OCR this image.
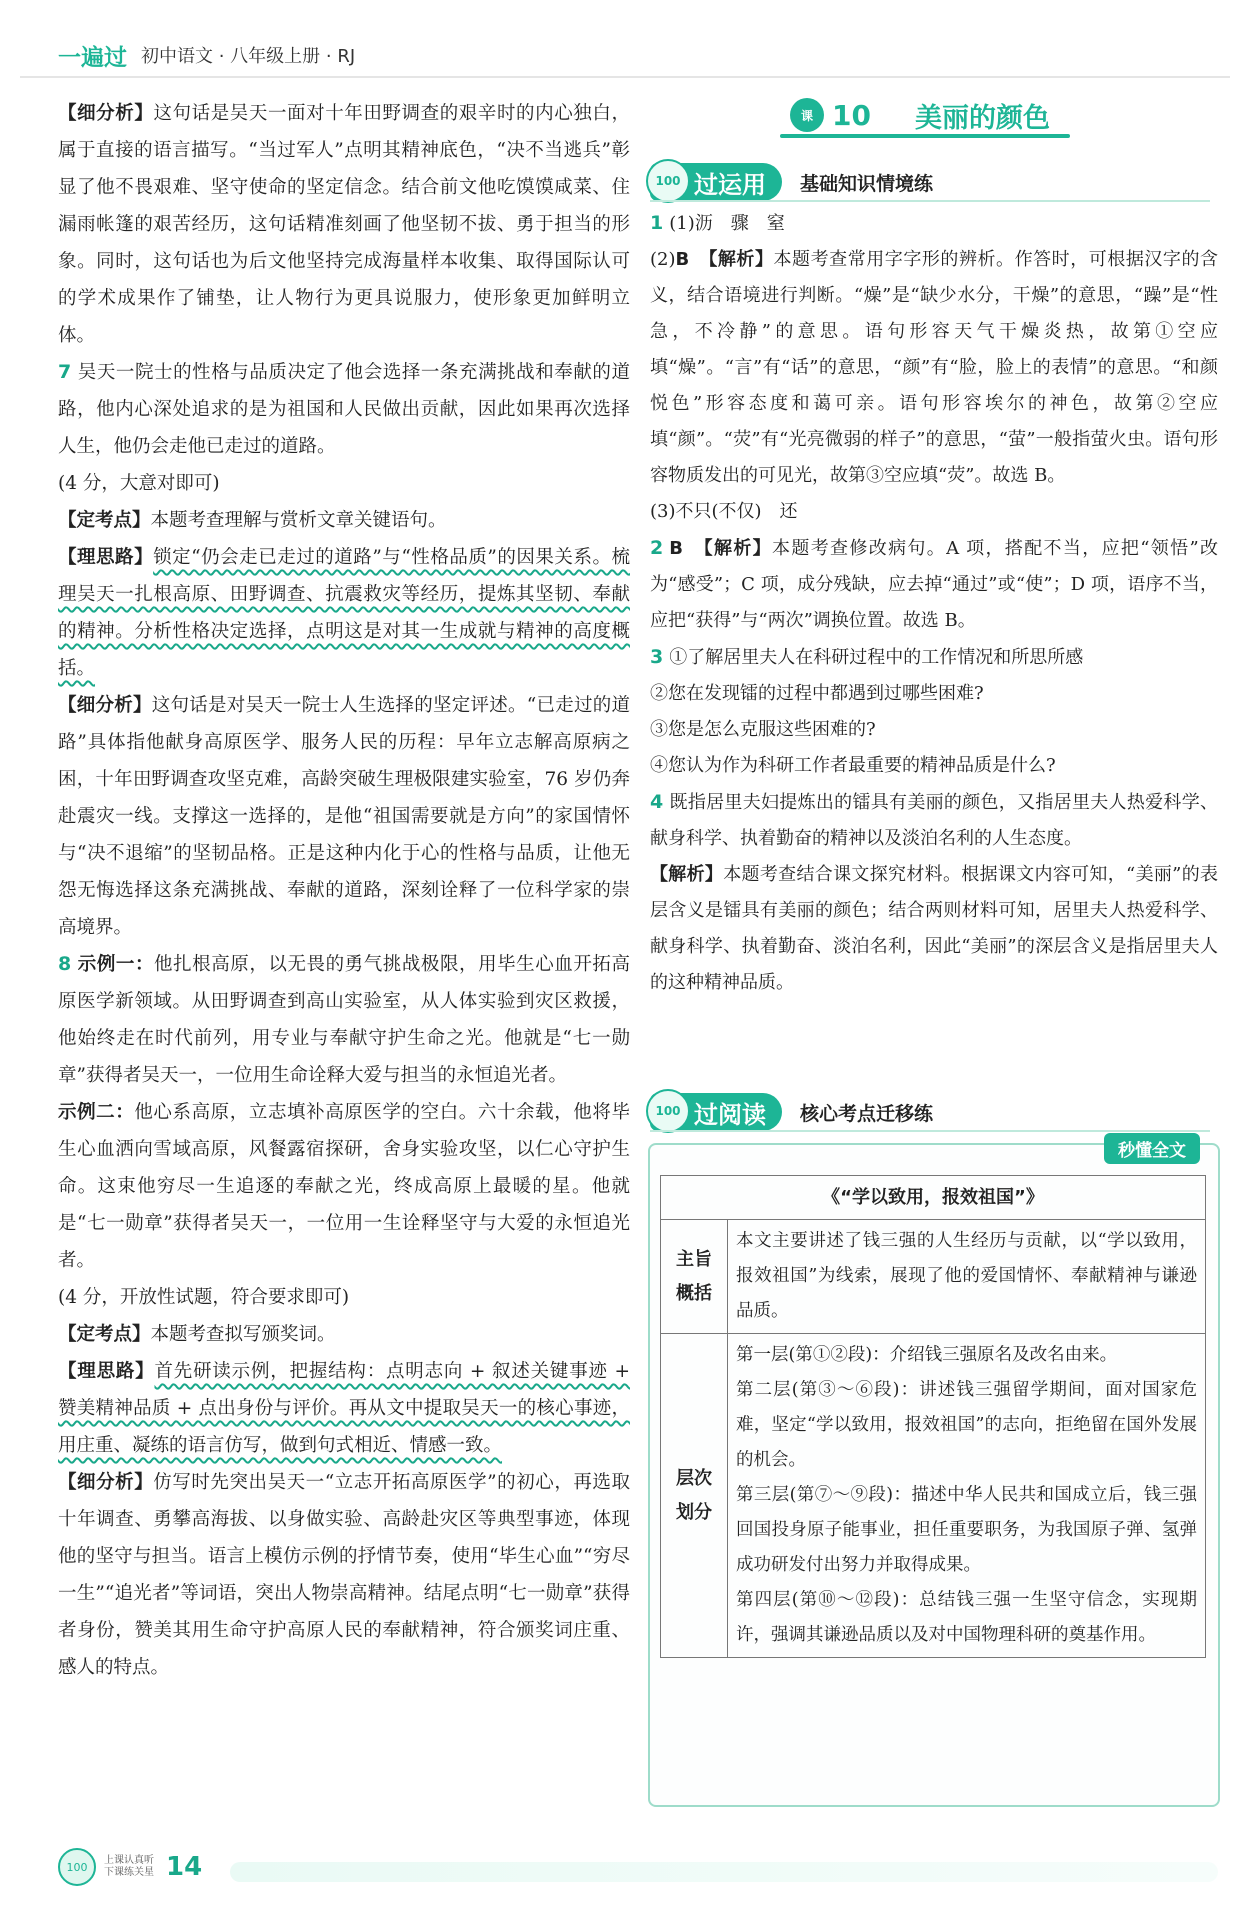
一遍过 初中语文 · 八年级上册 · RJ

【细分析】这句话是吴天一面对十年田野调查的艰辛时的内心独白，属于直接的语言描写。“当过军人”点明其精神底色，“决不当逃兵”彰显了他不畏艰难、坚守使命的坚定信念。结合前文他吃馍馍咸菜、住漏雨帐篷的艰苦经历，这句话精准刻画了他坚韧不拔、勇于担当的形象。同时，这句话也为后文他坚持完成海量样本收集、取得国际认可的学术成果作了铺垫，让人物行为更具说服力，使形象更加鲜明立体。

7 吴天一院士的性格与品质决定了他会选择一条充满挑战和奉献的道路，他内心深处追求的是为祖国和人民做出贡献，因此如果再次选择人生，他仍会走他已走过的道路。
(4 分，大意对即可)

【定考点】本题考查理解与赏析文章关键语句。

【理思路】锁定“仍会走已走过的道路”与“性格品质”的因果关系。梳理吴天一扎根高原、田野调查、抗震救灾等经历，提炼其坚韧、奉献的精神。分析性格决定选择，点明这是对其一生成就与精神的高度概括。

【细分析】这句话是对吴天一院士人生选择的坚定评述。“已走过的道路”具体指他献身高原医学、服务人民的历程：早年立志解高原病之困，十年田野调查攻坚克难，高龄突破生理极限建实验室，76 岁仍奔赴震灾一线。支撑这一选择的，是他“祖国需要就是方向”的家国情怀与“决不退缩”的坚韧品格。正是这种内化于心的性格与品质，让他无怨无悔选择这条充满挑战、奉献的道路，深刻诠释了一位科学家的崇高境界。

8 示例一：他扎根高原，以无畏的勇气挑战极限，用毕生心血开拓高原医学新领域。从田野调查到高山实验室，从人体实验到灾区救援，他始终走在时代前列，用专业与奉献守护生命之光。他就是“七一勋章”获得者吴天一，一位用生命诠释大爱与担当的永恒追光者。

示例二：他心系高原，立志填补高原医学的空白。六十余载，他将毕生心血洒向雪域高原，风餐露宿探研，舍身实验攻坚，以仁心守护生命。这束他穷尽一生追逐的奉献之光，终成高原上最暖的星。他就是“七一勋章”获得者吴天一，一位用一生诠释坚守与大爱的永恒追光者。
(4 分，开放性试题，符合要求即可)

【定考点】本题考查拟写颁奖词。

【理思路】首先研读示例，把握结构：点明志向 + 叙述关键事迹 + 赞美精神品质 + 点出身份与评价。再从文中提取吴天一的核心事迹，用庄重、凝练的语言仿写，做到句式相近、情感一致。

【细分析】仿写时先突出吴天一“立志开拓高原医学”的初心，再选取十年调查、勇攀高海拔、以身做实验、高龄赴灾区等典型事迹，体现他的坚守与担当。语言上模仿示例的抒情节奏，使用“毕生心血”“穷尽一生”“追光者”等词语，突出人物崇高精神。结尾点明“七一勋章”获得者身份，赞美其用生命守护高原人民的奉献精神，符合颁奖词庄重、感人的特点。

课 10 美丽的颜色
100 过运用 基础知识情境练

1 (1)沥　骤　窒
(2)B　 【解析】本题考查常用字字形的辨析。作答时，可根据汉字的含义，结合语境进行判断。“燥”是“缺少水分，干燥”的意思，“躁”是“性急，不冷静”的意思。语句形容天气干燥炎热，故第①空应填“燥”。“言”有“话”的意思，“颜”有“脸，脸上的表情”的意思。“和颜悦色”形容态度和蔼可亲。语句形容埃尔的神色，故第②空应填“颜”。“荧”有“光亮微弱的样子”的意思，“萤”一般指萤火虫。语句形容物质发出的可见光，故第③空应填“荧”。故选 B。
(3)不只(不仅)　还

2 B　 【解析】本题考查修改病句。A 项，搭配不当，应把“领悟”改为“感受”；C 项，成分残缺，应去掉“通过”或“使”；D 项，语序不当，应把“获得”与“两次”调换位置。故选 B。

3 ①了解居里夫人在科研过程中的工作情况和所思所感
②您在发现镭的过程中都遇到过哪些困难?
③您是怎么克服这些困难的?
④您认为作为科研工作者最重要的精神品质是什么?

4 既指居里夫妇提炼出的镭具有美丽的颜色，又指居里夫人热爱科学、献身科学、执着勤奋的精神以及淡泊名利的人生态度。

【解析】本题考查结合课文探究材料。根据课文内容可知，“美丽”的表层含义是镭具有美丽的颜色；结合两则材料可知，居里夫人热爱科学、献身科学、执着勤奋、淡泊名利，因此“美丽”的深层含义是指居里夫人的这种精神品质。

100 过阅读 核心考点迁移练
秒懂全文
《“学以致用，报效祖国”》	
主旨概括	本文主要讲述了钱三强的人生经历与贡献，以“学以致用，报效祖国”为线索，展现了他的爱国情怀、奉献精神与谦逊品质。
层次划分	第一层(第①②段)：介绍钱三强原名及改名由来。
第二层(第③～⑥段)：讲述钱三强留学期间，面对国家危难，坚定“学以致用，报效祖国”的志向，拒绝留在国外发展的机会。
第三层(第⑦～⑨段)：描述中华人民共和国成立后，钱三强回国投身原子能事业，担任重要职务，为我国原子弹、氢弹成功研发付出努力并取得成果。
第四层(第⑩～⑫段)：总结钱三强一生坚守信念，实现期许，强调其谦逊品质以及对中国物理科研的奠基作用。
100	上课认真听
下课练关星 14
